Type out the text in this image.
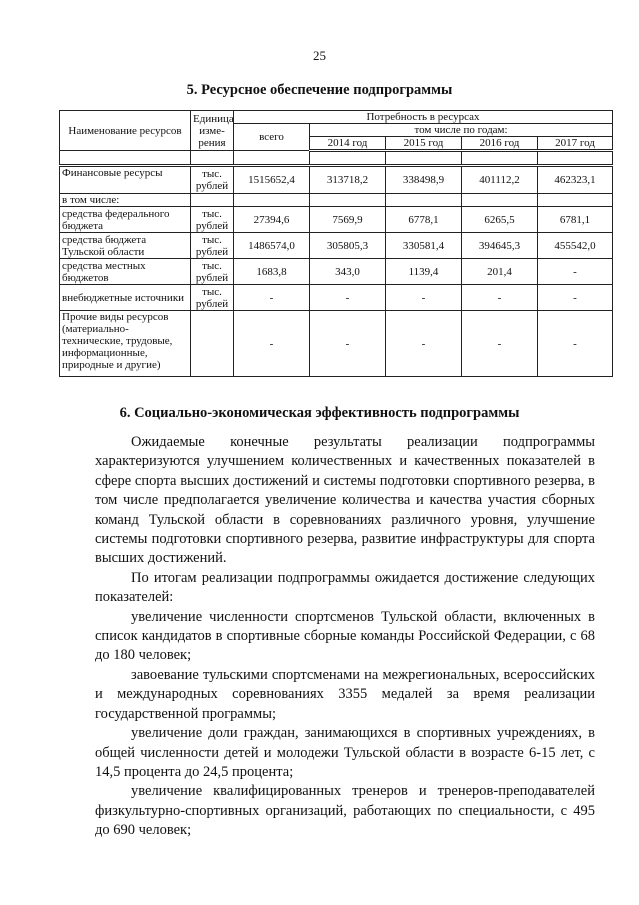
25
5. Ресурсное обеспечение подпрограммы
Наименование ресурсов	Единица изме-рения	Потребность в ресурсах				
		всего	том числе по годам:			
			2014 год	2015 год	2016 год	2017 год

Финансовые ресурсы	тыс. рублей	1515652,4	313718,2	338498,9	401112,2	462323,1
в том числе:						
средства федерального бюджета	тыс. рублей	27394,6	7569,9	6778,1	6265,5	6781,1
средства бюджета Тульской области	тыс. рублей	1486574,0	305805,3	330581,4	394645,3	455542,0
средства местных бюджетов	тыс. рублей	1683,8	343,0	1139,4	201,4	-
внебюджетные источники	тыс. рублей	-	-	-	-	-
Прочие виды ресурсов (материально-технические, трудовые, информационные, природные и другие)		-	-	-	-	-
6. Социально-экономическая эффективность подпрограммы

Ожидаемые конечные результаты реализации подпрограммы характеризуются улучшением количественных и качественных показателей в сфере спорта высших достижений и системы подготовки спортивного резерва, в том числе предполагается увеличение количества и качества участия сборных команд Тульской области в соревнованиях различного уровня, улучшение системы подготовки спортивного резерва, развитие инфраструктуры для спорта высших достижений.

По итогам реализации подпрограммы ожидается достижение следующих показателей:

увеличение численности спортсменов Тульской области, включенных в список кандидатов в спортивные сборные команды Российской Федерации, с 68 до 180 человек;

завоевание тульскими спортсменами на межрегиональных, всероссийских и международных соревнованиях 3355 медалей за время реализации государственной программы;

увеличение доли граждан, занимающихся в спортивных учреждениях, в общей численности детей и молодежи Тульской области в возрасте 6-15 лет, с 14,5 процента до 24,5 процента;

увеличение квалифицированных тренеров и тренеров-преподавателей физкультурно-спортивных организаций, работающих по специальности, с 495 до 690 человек;
